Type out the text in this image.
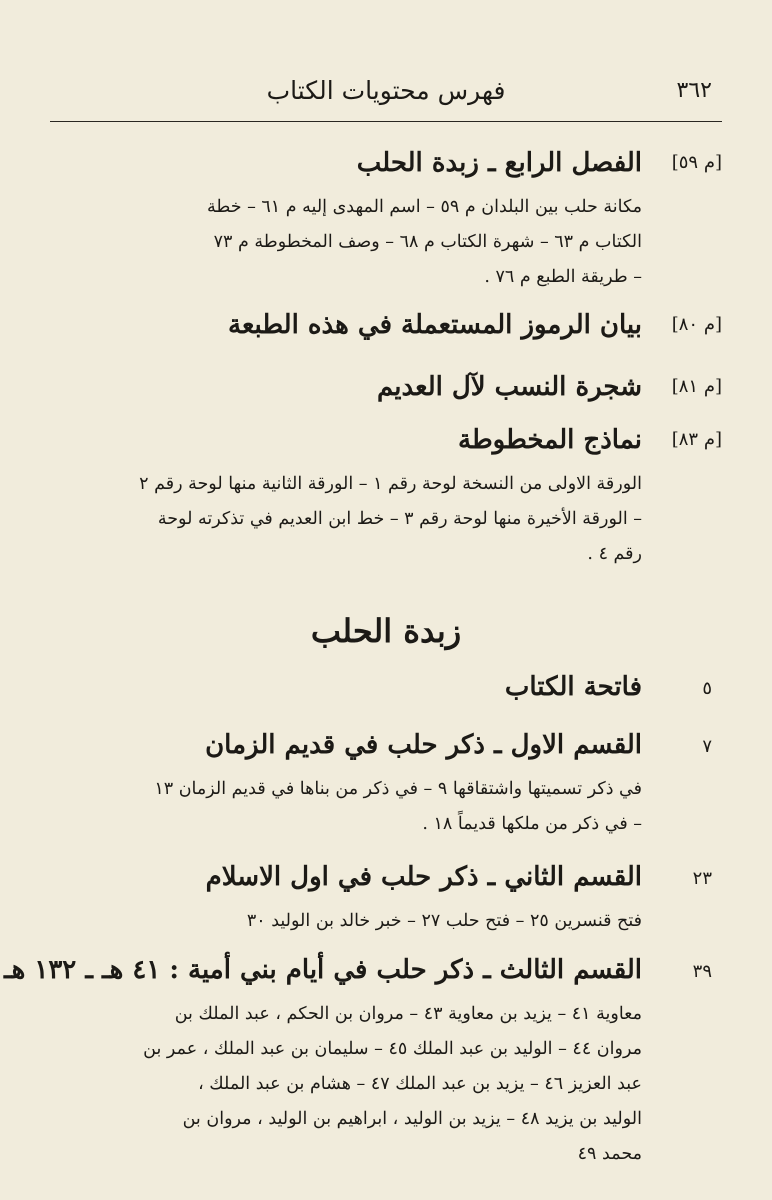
٣٦٢
فهرس محتويات الكتاب
[م ٥٩]
الفصل الرابع ـ زبدة الحلب
مكانة حلب بين البلدان م ٥٩ – اسم المهدى إليه م ٦١ – خطة
الكتاب م ٦٣ – شهرة الكتاب م ٦٨ – وصف المخطوطة م ٧٣
– طريقة الطبع م ٧٦ .
[م ٨٠]
بيان الرموز المستعملة في هذه الطبعة
[م ٨١]
شجرة النسب لآل العديم
[م ٨٣]
نماذج المخطوطة
الورقة الاولى من النسخة لوحة رقم ١ – الورقة الثانية منها لوحة رقم ٢
– الورقة الأخيرة منها لوحة رقم ٣ – خط ابن العديم في تذكرته لوحة
رقم ٤ .
زبدة الحلب
٥
فاتحة الكتاب
٧
القسم الاول ـ ذكر حلب في قديم الزمان
في ذكر تسميتها واشتقاقها ٩ – في ذكر من بناها في قديم الزمان ١٣
– في ذكر من ملكها قديماً ١٨ .
٢٣
القسم الثاني ـ ذكر حلب في اول الاسلام
فتح قنسرين ٢٥ – فتح حلب ٢٧ – خبر خالد بن الوليد ٣٠
٣٩
القسم الثالث ـ ذكر حلب في أيام بني أمية : ٤١ هـ ـ ١٣٢ هـ
معاوية ٤١ – يزيد بن معاوية ٤٣ – مروان بن الحكم ، عبد الملك بن
مروان ٤٤ – الوليد بن عبد الملك ٤٥ – سليمان بن عبد الملك ، عمر بن
عبد العزيز ٤٦ – يزيد بن عبد الملك ٤٧ – هشام بن عبد الملك ،
الوليد بن يزيد ٤٨ – يزيد بن الوليد ، ابراهيم بن الوليد ، مروان بن
محمد ٤٩
